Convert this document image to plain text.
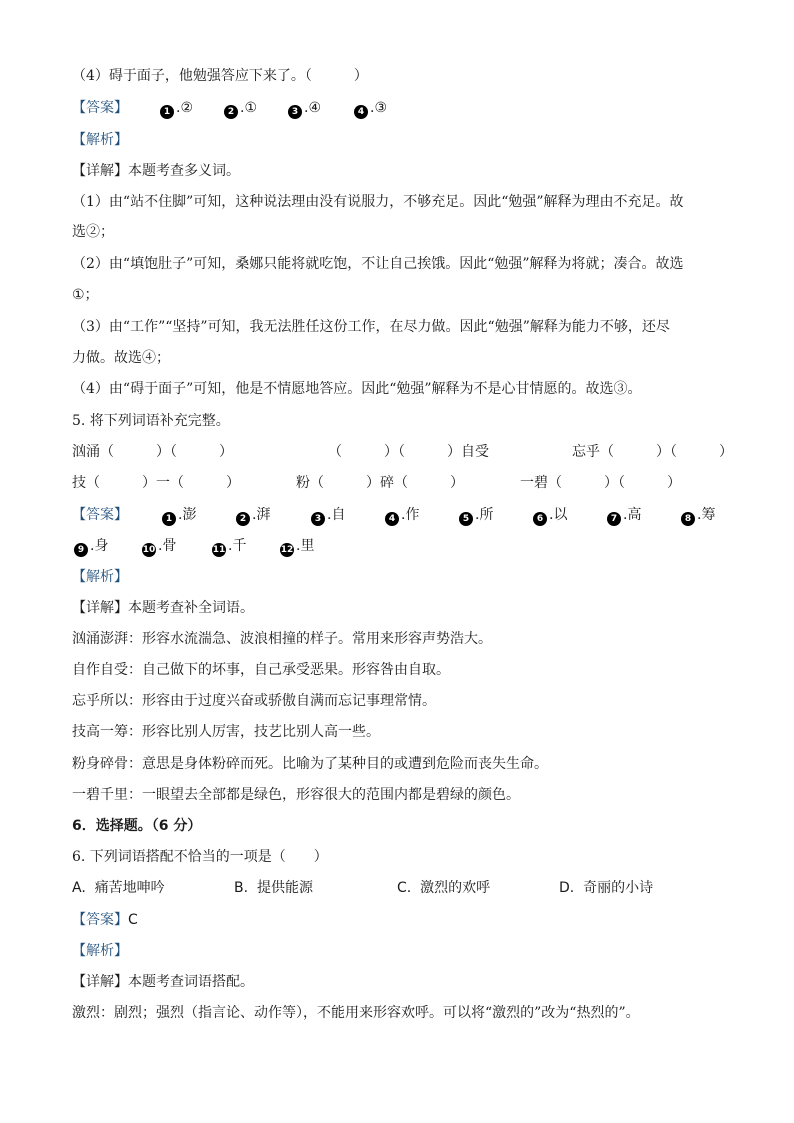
（4）碍于面子，他勉强答应下来了。（　　　）
【答案】	1 .②	2 .①	3 .④	4 .③
【解析】
【详解】本题考查多义词。
（1）由“站不住脚”可知，这种说法理由没有说服力，不够充足。因此“勉强”解释为理由不充足。故
选②；
（2）由“填饱肚子”可知，桑娜只能将就吃饱，不让自己挨饿。因此“勉强”解释为将就；凑合。故选
①；
（3）由“工作”“坚持”可知，我无法胜任这份工作，在尽力做。因此“勉强”解释为能力不够，还尽
力做。故选④；
（4）由“碍于面子”可知，他是不情愿地答应。因此“勉强”解释为不是心甘情愿的。故选③。
5. 将下列词语补充完整。
汹涌（　　　）（　　　）	（　　　）（　　　）自受	忘乎（　　　）（　　　）
技（　　　）一（　　　）	粉（　　　）碎（　　　）	一碧（　　　）（　　　）
【答案】	1 .澎	2 .湃	3 .自	4 .作	5 .所	6 .以	7 .高	8 .筹
9 .身	10 .骨	11 .千	12 .里
【解析】
【详解】本题考查补全词语。
汹涌澎湃：形容水流湍急、波浪相撞的样子。常用来形容声势浩大。
自作自受：自己做下的坏事，自己承受恶果。形容咎由自取。
忘乎所以：形容由于过度兴奋或骄傲自满而忘记事理常情。
技高一筹：形容比别人厉害，技艺比别人高一些。
粉身碎骨：意思是身体粉碎而死。比喻为了某种目的或遭到危险而丧失生命。
一碧千里：一眼望去全部都是绿色，形容很大的范围内都是碧绿的颜色。
6．选择题。（6 分）
6. 下列词语搭配不恰当的一项是（　　）
A. 痛苦地呻吟	B. 提供能源	C. 激烈的欢呼	D. 奇丽的小诗
【答案】C
【解析】
【详解】本题考查词语搭配。
激烈：剧烈；强烈（指言论、动作等），不能用来形容欢呼。可以将“激烈的”改为“热烈的”。
